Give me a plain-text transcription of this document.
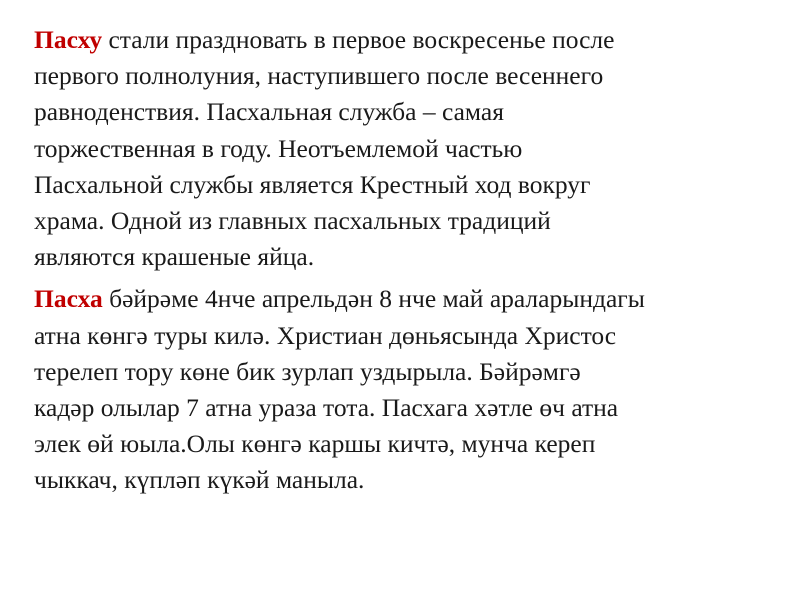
Пасху стали праздновать в первое воскресенье после
первого полнолуния, наступившего после весеннего
равноденствия. Пасхальная служба – самая
торжественная в году. Неотъемлемой частью
Пасхальной службы является Крестный ход вокруг
храма. Одной из главных пасхальных традиций
являются крашеные яйца.

Пасха бәйрәме 4нче апрельдән 8 нче май араларындагы
атна көнгә туры килә. Христиан дөньясында Христос
терелеп тору көне бик зурлап уздырыла. Бәйрәмгә
кадәр олылар 7 атна ураза тота. Пасхага хәтле өч атна
элек өй юыла.Олы көнгә каршы кичтә, мунча кереп
чыккач, күпләп күкәй манылa.
